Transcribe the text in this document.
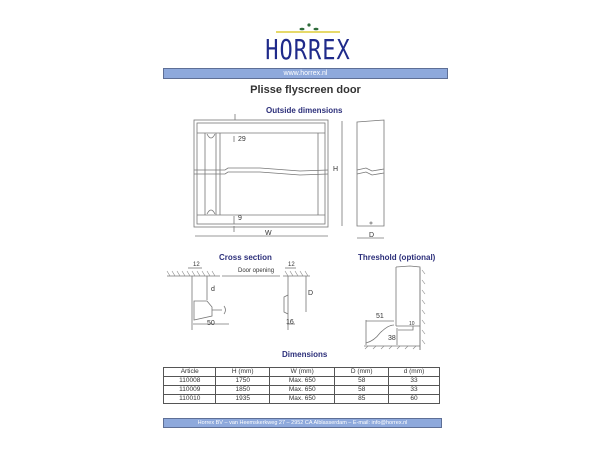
HORREX
www.horrex.nl
Plisse flyscreen door
Outside dimensions
29
9
W
H
D
Cross section
12	12
Door opening
d
D
50	16
Threshold (optional)
51
38
10
Dimensions
Article	H (mm)	W (mm)	D (mm)	d (mm)
110008	1750	Max. 650	58	33
110009	1850	Max. 650	58	33
110010	1935	Max. 650	85	60
Horrex BV – van Heemskerkweg 27 – 2952 CA Alblasserdam – E-mail: info@horrex.nl
